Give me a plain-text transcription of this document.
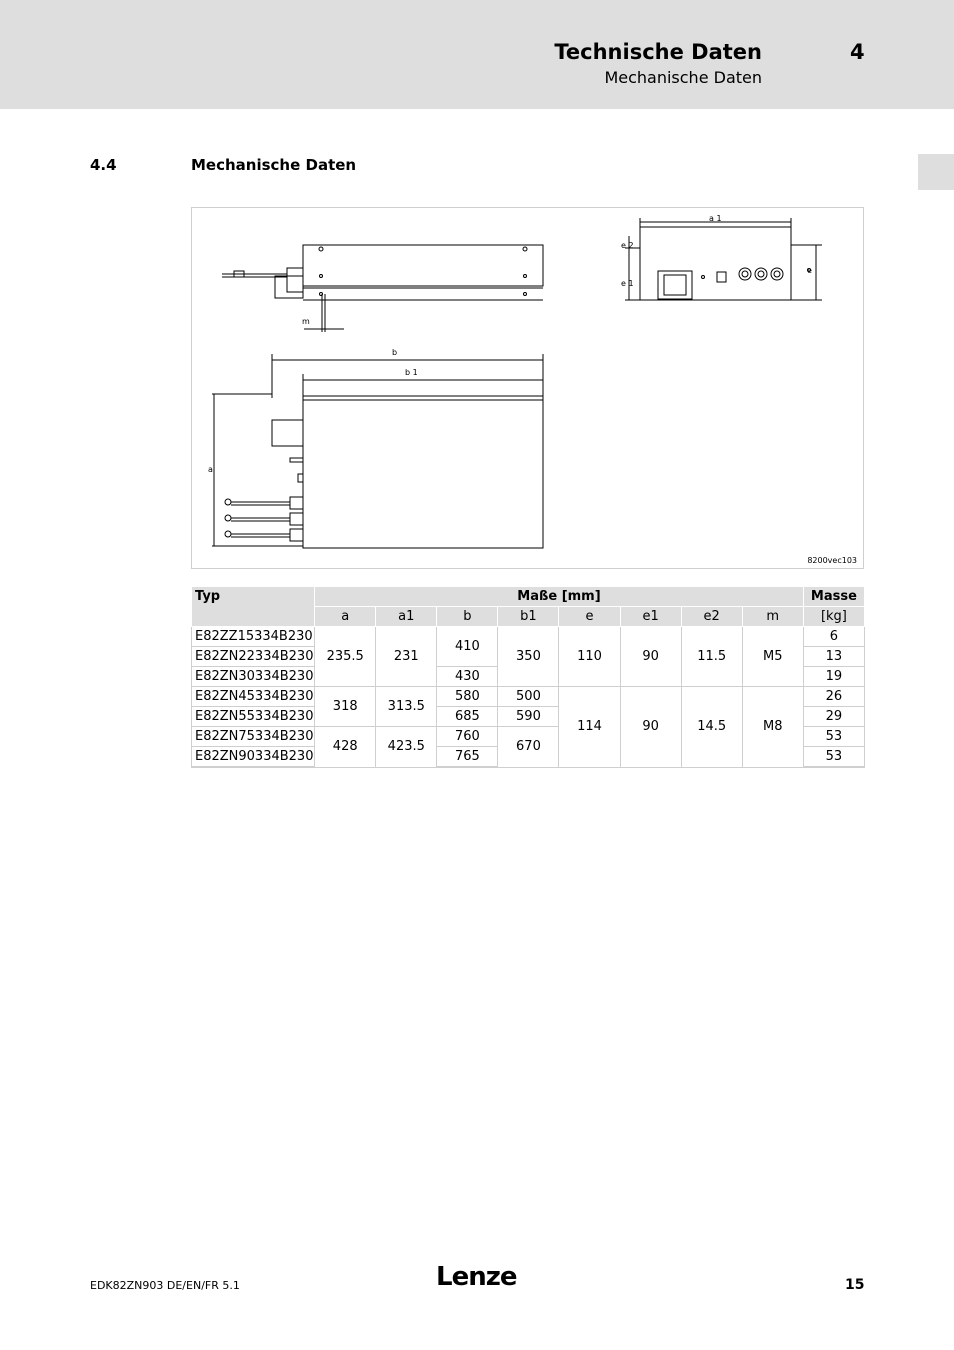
Technische Daten	4
Mechanische Daten
4.4	Mechanische Daten
m
b
b 1
a
a 1
e 2
e 1
e
8200vec103
Typ	Maße [mm]								Masse
	a	a1	b	b1	e	e1	e2	m	[kg]
E82ZZ15334B230	235.5	231	410	350	110	90	11.5	M5	6
E82ZN22334B230									13
E82ZN30334B230			430						19
E82ZN45334B230	318	313.5	580	500	114	90	14.5	M8	26
E82ZN55334B230			685	590					29
E82ZN75334B230	428	423.5	760	670					53
E82ZN90334B230			765						53
EDK82ZN903 DE/EN/FR 5.1	Lenze	15
